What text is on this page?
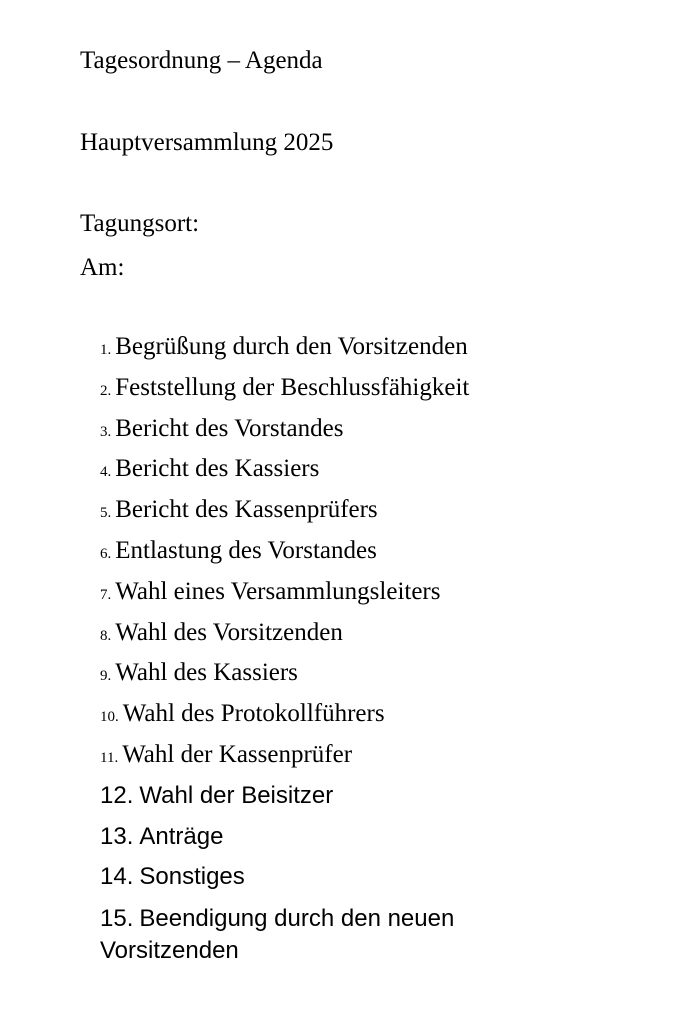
Tagesordnung – Agenda
Hauptversammlung 2025
Tagungsort:
Am:
1. Begrüßung durch den Vorsitzenden
2. Feststellung der Beschlussfähigkeit
3. Bericht des Vorstandes
4. Bericht des Kassiers
5. Bericht des Kassenprüfers
6. Entlastung des Vorstandes
7. Wahl eines Versammlungsleiters
8. Wahl des Vorsitzenden
9. Wahl des Kassiers
10. Wahl des Protokollführers
11. Wahl der Kassenprüfer
12. Wahl der Beisitzer
13. Anträge
14. Sonstiges
15. Beendigung durch den neuen Vorsitzenden
